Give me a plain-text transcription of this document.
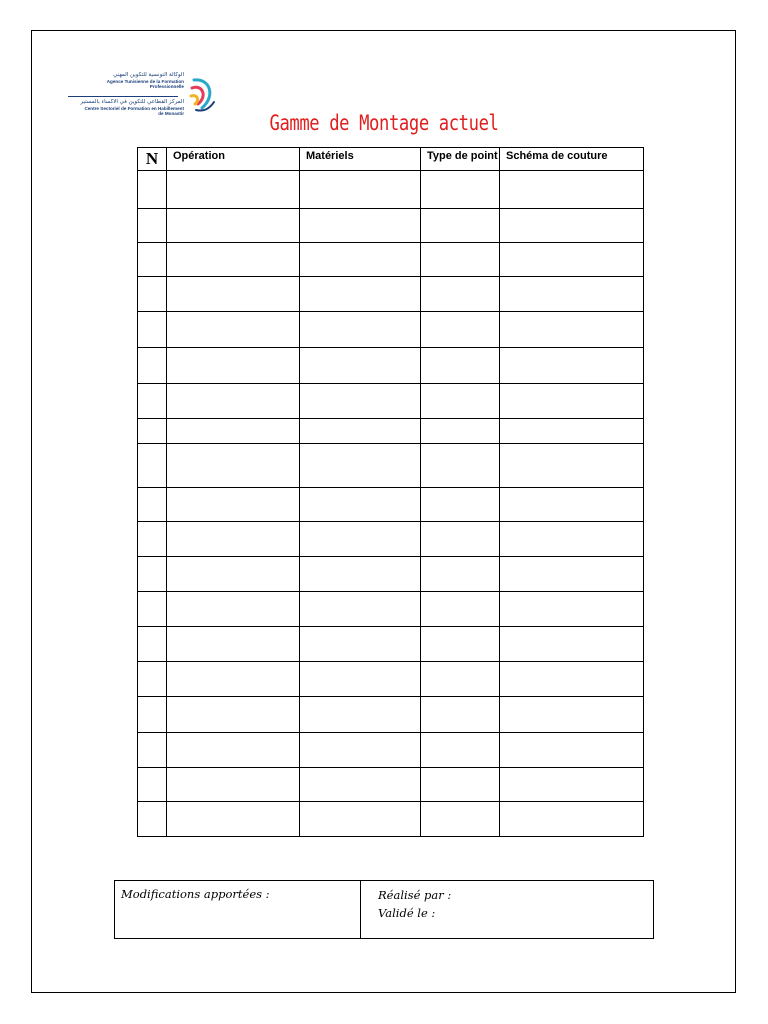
الوكالة التونسية للتكوين المهني
Agence Tunisienne de la Formation
Professionnelle
المركز القطاعي للتكوين في الاكساء بالمستير
Centre Sectoriel de Formation en Habillement
de Monastir	Gamme de Montage actuel
N	Opération	Matériels	Type de point	Schéma de couture

Modifications apportées :	Réalisé par :
Validé le :
